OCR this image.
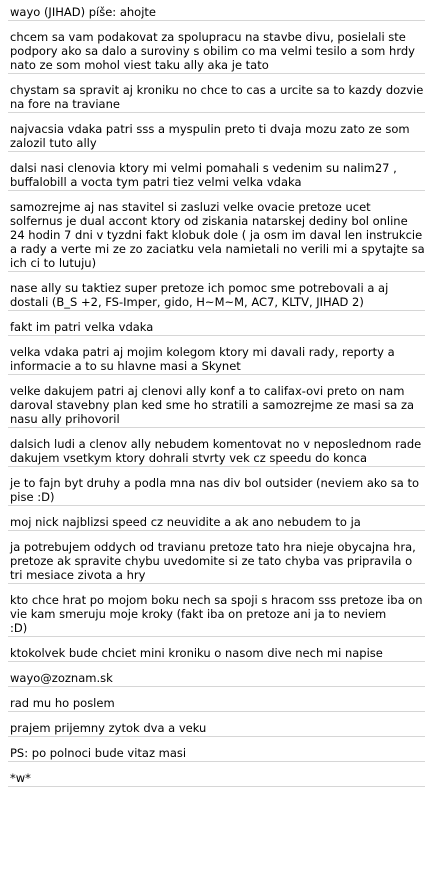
wayo (JIHAD) píše: ahojte
chcem sa vam podakovat za spolupracu na stavbe divu, posielali ste podpory ako sa dalo a suroviny s obilim co ma velmi tesilo a som hrdy nato ze som mohol viest taku ally aka je tato
chystam sa spravit aj kroniku no chce to cas a urcite sa to kazdy dozvie na fore na traviane
najvacsia vdaka patri sss a myspulin preto ti dvaja mozu zato ze som zalozil tuto ally
dalsi nasi clenovia ktory mi velmi pomahali s vedenim su nalim27 , buffalobill a vocta tym patri tiez velmi velka vdaka
samozrejme aj nas stavitel si zasluzi velke ovacie pretoze ucet solfernus je dual accont ktory od ziskania natarskej dediny bol online 24 hodin 7 dni v tyzdni fakt klobuk dole ( ja osm im daval len instrukcie a rady a verte mi ze zo zaciatku vela namietali no verili mi a spytajte sa ich ci to lutuju)
nase ally su taktiez super pretoze ich pomoc sme potrebovali a aj dostali (B_S +2, FS-Imper, gido, H~M~M, AC7, KLTV, JIHAD 2)
fakt im patri velka vdaka
velka vdaka patri aj mojim kolegom ktory mi davali rady, reporty a informacie a to su hlavne masi a Skynet
velke dakujem patri aj clenovi ally konf a to califax-ovi preto on nam daroval stavebny plan ked sme ho stratili a samozrejme ze masi sa za nasu ally prihovoril
dalsich ludi a clenov ally nebudem komentovat no v neposlednom rade dakujem vsetkym ktory dohrali stvrty vek cz speedu do konca
je to fajn byt druhy a podla mna nas div bol outsider (neviem ako sa to pise :D)
moj nick najblizsi speed cz neuvidite a ak ano nebudem to ja
ja potrebujem oddych od travianu pretoze tato hra nieje obycajna hra, pretoze ak spravite chybu uvedomite si ze tato chyba vas pripravila o tri mesiace zivota a hry
kto chce hrat po mojom boku nech sa spoji s hracom sss pretoze iba on vie kam smeruju moje kroky (fakt iba on pretoze ani ja to neviem
:D)
ktokolvek bude chciet mini kroniku o nasom dive nech mi napise
wayo@zoznam.sk
rad mu ho poslem
prajem prijemny zytok dva a veku
PS: po polnoci bude vitaz masi
*w*
